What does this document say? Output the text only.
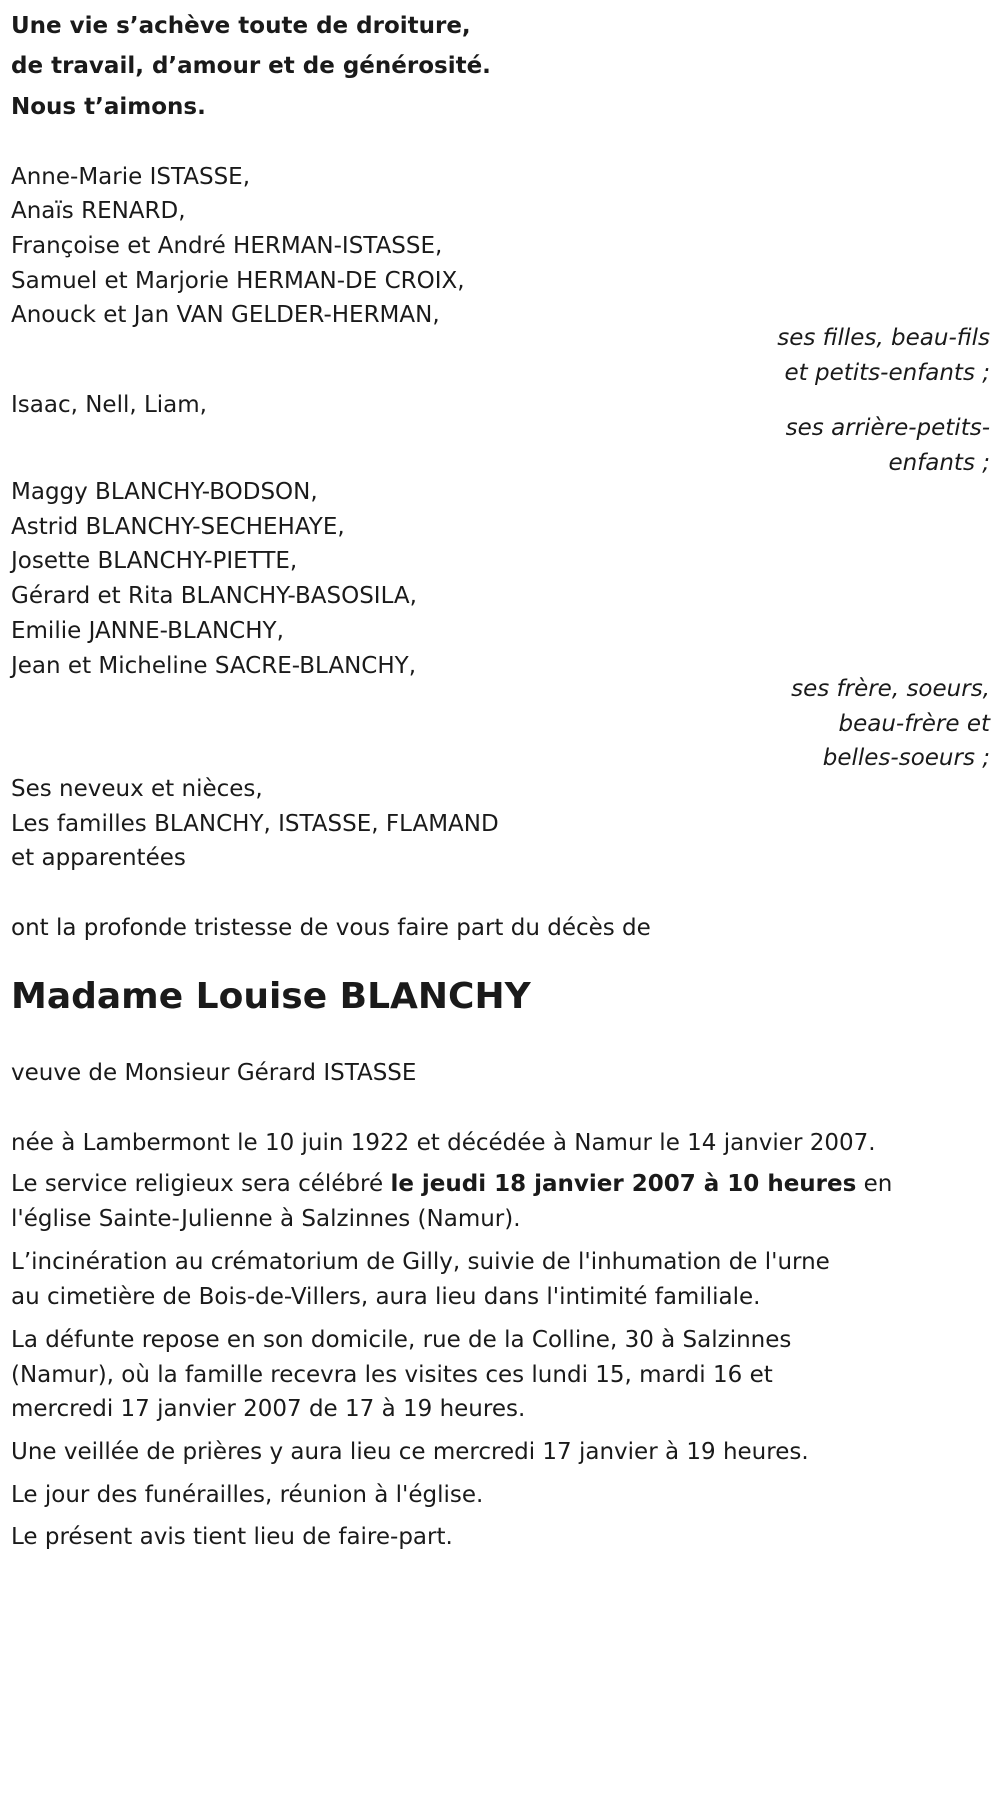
Une vie s’achève toute de droiture,
de travail, d’amour et de générosité.
Nous t’aimons.
Anne-Marie ISTASSE,
Anaïs RENARD,
Françoise et André HERMAN-ISTASSE,
Samuel et Marjorie HERMAN-DE CROIX,
Anouck et Jan VAN GELDER-HERMAN,
ses filles, beau-fils
et petits-enfants ;
Isaac, Nell, Liam,
ses arrière-petits-
enfants ;
Maggy BLANCHY-BODSON,
Astrid BLANCHY-SECHEHAYE,
Josette BLANCHY-PIETTE,
Gérard et Rita BLANCHY-BASOSILA,
Emilie JANNE-BLANCHY,
Jean et Micheline SACRE-BLANCHY,
ses frère, soeurs,
beau-frère et
belles-soeurs ;
Ses neveux et nièces,
Les familles BLANCHY, ISTASSE, FLAMAND
et apparentées
ont la profonde tristesse de vous faire part du décès de
Madame Louise BLANCHY
veuve de Monsieur Gérard ISTASSE
née à Lambermont le 10 juin 1922 et décédée à Namur le 14 janvier 2007.
Le service religieux sera célébré le jeudi 18 janvier 2007 à 10 heures en
l'église Sainte-Julienne à Salzinnes (Namur).
L’incinération au crématorium de Gilly, suivie de l'inhumation de l'urne
au cimetière de Bois-de-Villers, aura lieu dans l'intimité familiale.
La défunte repose en son domicile, rue de la Colline, 30 à Salzinnes
(Namur), où la famille recevra les visites ces lundi 15, mardi 16 et
mercredi 17 janvier 2007 de 17 à 19 heures.
Une veillée de prières y aura lieu ce mercredi 17 janvier à 19 heures.
Le jour des funérailles, réunion à l'église.
Le présent avis tient lieu de faire-part.
